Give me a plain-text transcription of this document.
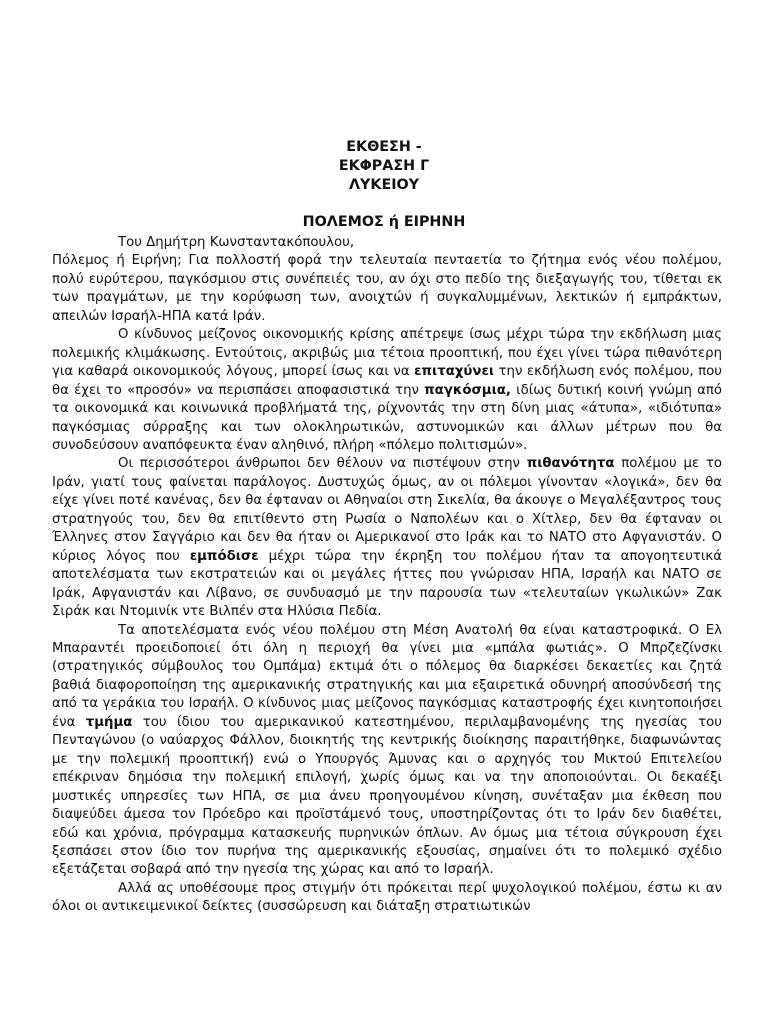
ΕΚΘΕΣΗ -
ΕΚΦΡΑΣΗ Γ
ΛΥΚΕΙΟΥ
ΠΟΛΕΜΟΣ ή ΕΙΡΗΝΗ

Του Δημήτρη Κωνσταντακόπουλου,

Πόλεμος ή Ειρήνη; Για πολλοστή φορά την τελευταία πενταετία το ζήτημα ενός νέου πολέμου, πολύ ευρύτερου, παγκόσμιου στις συνέπειές του, αν όχι στο πεδίο της διεξαγωγής του, τίθεται εκ των πραγμάτων, με την κορύφωση των, ανοιχτών ή συγκαλυμμένων, λεκτικών ή εμπράκτων, απειλών Ισραήλ-ΗΠΑ κατά Ιράν.

Ο κίνδυνος μείζονος οικονομικής κρίσης απέτρεψε ίσως μέχρι τώρα την εκδήλωση μιας πολεμικής κλιμάκωσης. Εντούτοις, ακριβώς μια τέτοια προοπτική, που έχει γίνει τώρα πιθανότερη για καθαρά οικονομικούς λόγους, μπορεί ίσως και να επιταχύνει την εκδήλωση ενός πολέμου, που θα έχει το «προσόν» να περισπάσει αποφασιστικά την παγκόσμια, ιδίως δυτική κοινή γνώμη από τα οικονομικά και κοινωνικά προβλήματά της, ρίχνοντάς την στη δίνη μιας «άτυπα», «ιδιότυπα» παγκόσμιας σύρραξης και των ολοκληρωτικών, αστυνομικών και άλλων μέτρων που θα συνοδεύσουν αναπόφευκτα έναν αληθινό, πλήρη «πόλεμο πολιτισμών».

Οι περισσότεροι άνθρωποι δεν θέλουν να πιστέψουν στην πιθανότητα πολέμου με το Ιράν, γιατί τους φαίνεται παράλογος. Δυστυχώς όμως, αν οι πόλεμοι γίνονταν «λογικά», δεν θα είχε γίνει ποτέ κανένας, δεν θα έφταναν οι Αθηναίοι στη Σικελία, θα άκουγε ο Μεγαλέξαντρος τους στρατηγούς του, δεν θα επιτίθεντο στη Ρωσία ο Ναπολέων και ο Χίτλερ, δεν θα έφταναν οι Έλληνες στον Σαγγάριο και δεν θα ήταν οι Αμερικανοί στο Ιράκ και το ΝΑΤΟ στο Αφγανιστάν. Ο κύριος λόγος που εμπόδισε μέχρι τώρα την έκρηξη του πολέμου ήταν τα απογοητευτικά αποτελέσματα των εκστρατειών και οι μεγάλες ήττες που γνώρισαν ΗΠΑ, Ισραήλ και ΝΑΤΟ σε Ιράκ, Αφγανιστάν και Λίβανο, σε συνδυασμό με την παρουσία των «τελευταίων γκωλικών» Ζακ Σιράκ και Ντομινίκ ντε Βιλπέν στα Ηλύσια Πεδία.

Τα αποτελέσματα ενός νέου πολέμου στη Μέση Ανατολή θα είναι καταστροφικά. Ο Ελ Μπαραντέι προειδοποιεί ότι όλη η περιοχή θα γίνει μια «μπάλα φωτιάς». Ο Μπρζεζίνσκι (στρατηγικός σύμβουλος του Ομπάμα) εκτιμά ότι ο πόλεμος θα διαρκέσει δεκαετίες και ζητά βαθιά διαφοροποίηση της αμερικανικής στρατηγικής και μια εξαιρετικά οδυνηρή αποσύνδεσή της από τα γεράκια του Ισραήλ. Ο κίνδυνος μιας μείζονος παγκόσμιας καταστροφής έχει κινητοποιήσει ένα τμήμα του ίδιου του αμερικανικού κατεστημένου, περιλαμβανομένης της ηγεσίας του Πενταγώνου (ο ναύαρχος Φάλλον, διοικητής της κεντρικής διοίκησης παραιτήθηκε, διαφωνώντας με την πολεμική προοπτική) ενώ ο Υπουργός Άμυνας και ο αρχηγός του Μικτού Επιτελείου επέκριναν δημόσια την πολεμική επιλογή, χωρίς όμως και να την αποποιούνται. Οι δεκαέξι μυστικές υπηρεσίες των ΗΠΑ, σε μια άνευ προηγουμένου κίνηση, συνέταξαν μια έκθεση που διαψεύδει άμεσα τον Πρόεδρο και προϊστάμενό τους, υποστηρίζοντας ότι το Ιράν δεν διαθέτει, εδώ και χρόνια, πρόγραμμα κατασκευής πυρηνικών όπλων. Αν όμως μια τέτοια σύγκρουση έχει ξεσπάσει στον ίδιο τον πυρήνα της αμερικανικής εξουσίας, σημαίνει ότι το πολεμικό σχέδιο εξετάζεται σοβαρά από την ηγεσία της χώρας και από το Ισραήλ.

Αλλά ας υποθέσουμε προς στιγμήν ότι πρόκειται περί ψυχολογικού πολέμου, έστω κι αν όλοι οι αντικειμενικοί δείκτες (συσσώρευση και διάταξη στρατιωτικών
